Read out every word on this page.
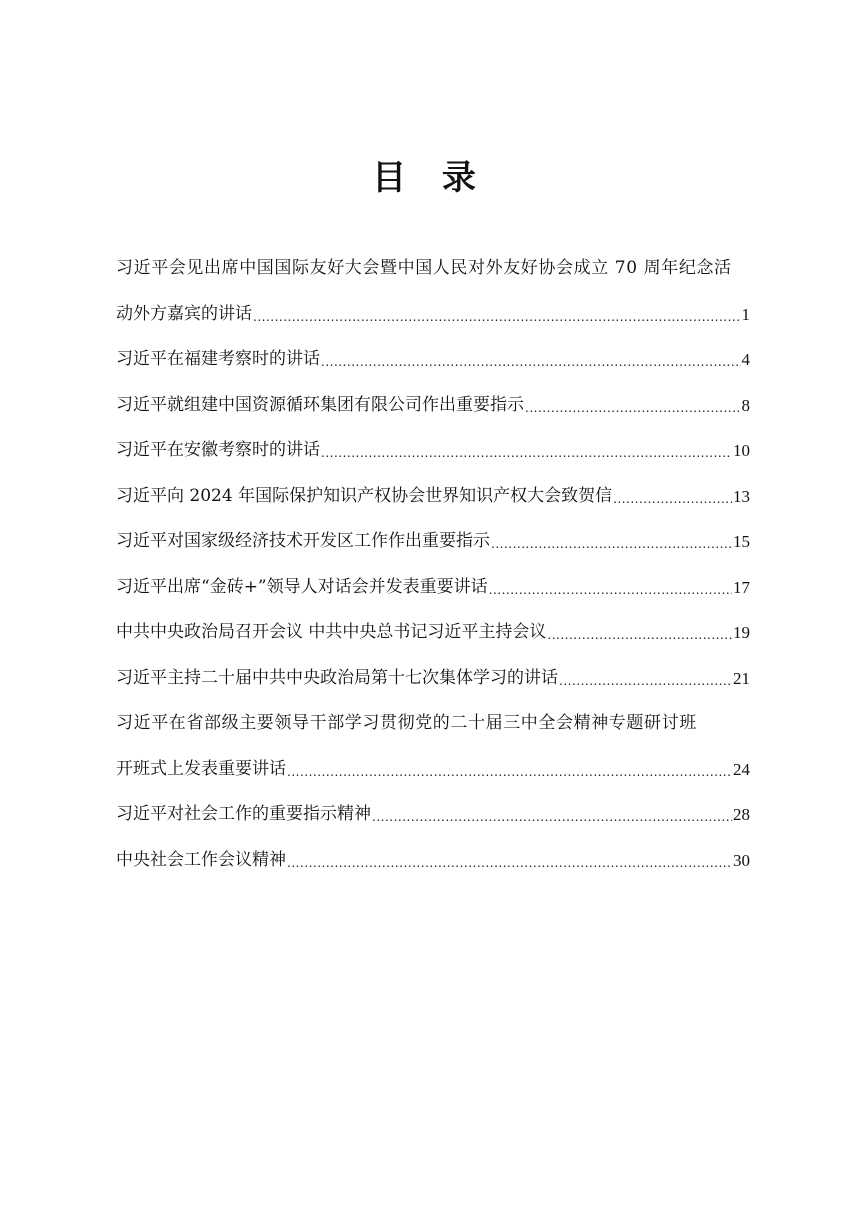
目 录
习近平会见出席中国国际友好大会暨中国人民对外友好协会成立 70 周年纪念活
动外方嘉宾的讲话 .....	1
习近平在福建考察时的讲话 .....	4
习近平就组建中国资源循环集团有限公司作出重要指示 .....	8
习近平在安徽考察时的讲话 .....	10
习近平向 2024 年国际保护知识产权协会世界知识产权大会致贺信 .....	13
习近平对国家级经济技术开发区工作作出重要指示 .....	15
习近平出席“金砖+”领导人对话会并发表重要讲话 .....	17
中共中央政治局召开会议 中共中央总书记习近平主持会议 .....	19
习近平主持二十届中共中央政治局第十七次集体学习的讲话 .....	21
习近平在省部级主要领导干部学习贯彻党的二十届三中全会精神专题研讨班
开班式上发表重要讲话 .....	24
习近平对社会工作的重要指示精神 .....	28
中央社会工作会议精神 .....	30
